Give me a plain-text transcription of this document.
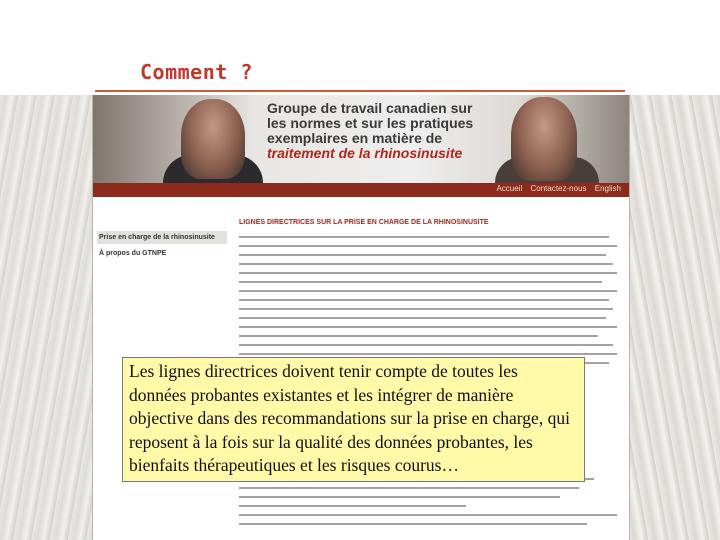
Comment ?
Groupe de travail canadien sur
les normes et sur les pratiques
exemplaires en matière de
traitement de la rhinosinusite
Accueil Contactez-nous English
Prise en charge de la rhinosinusite
À propos du GTNPE
LIGNES DIRECTRICES SUR LA PRISE EN CHARGE DE LA RHINOSINUSITE
Les lignes directrices doivent tenir compte de toutes les données probantes existantes et les intégrer de manière objective dans des recommandations sur la prise en charge, qui reposent à la fois sur la qualité des données probantes, les bienfaits thérapeutiques et les risques courus…
